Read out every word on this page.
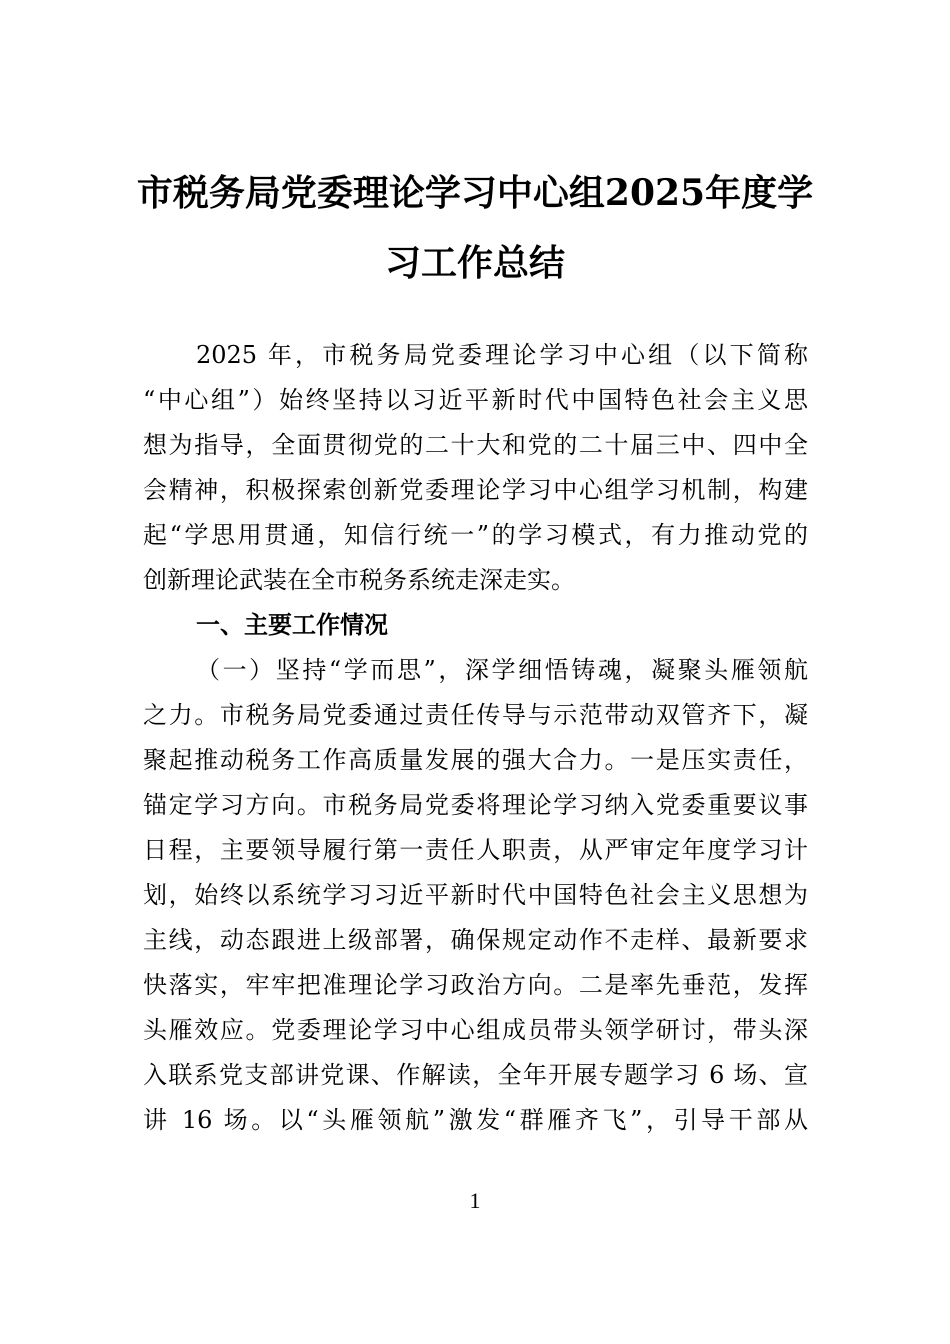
市税务局党委理论学习中心组2025年度学
习工作总结
2025 年，市税务局党委理论学习中心组（以下简称
“中心组”）始终坚持以习近平新时代中国特色社会主义思
想为指导，全面贯彻党的二十大和党的二十届三中、四中全
会精神，积极探索创新党委理论学习中心组学习机制，构建
起“学思用贯通，知信行统一”的学习模式，有力推动党的
创新理论武装在全市税务系统走深走实。
一、主要工作情况
（一）坚持“学而思”，深学细悟铸魂，凝聚头雁领航
之力。市税务局党委通过责任传导与示范带动双管齐下，凝
聚起推动税务工作高质量发展的强大合力。一是压实责任，
锚定学习方向。市税务局党委将理论学习纳入党委重要议事
日程，主要领导履行第一责任人职责，从严审定年度学习计
划，始终以系统学习习近平新时代中国特色社会主义思想为
主线，动态跟进上级部署，确保规定动作不走样、最新要求
快落实，牢牢把准理论学习政治方向。二是率先垂范，发挥
头雁效应。党委理论学习中心组成员带头领学研讨，带头深
入联系党支部讲党课、作解读，全年开展专题学习 6 场、宣
讲 16 场。以“头雁领航”激发“群雁齐飞”，引导干部从
1
